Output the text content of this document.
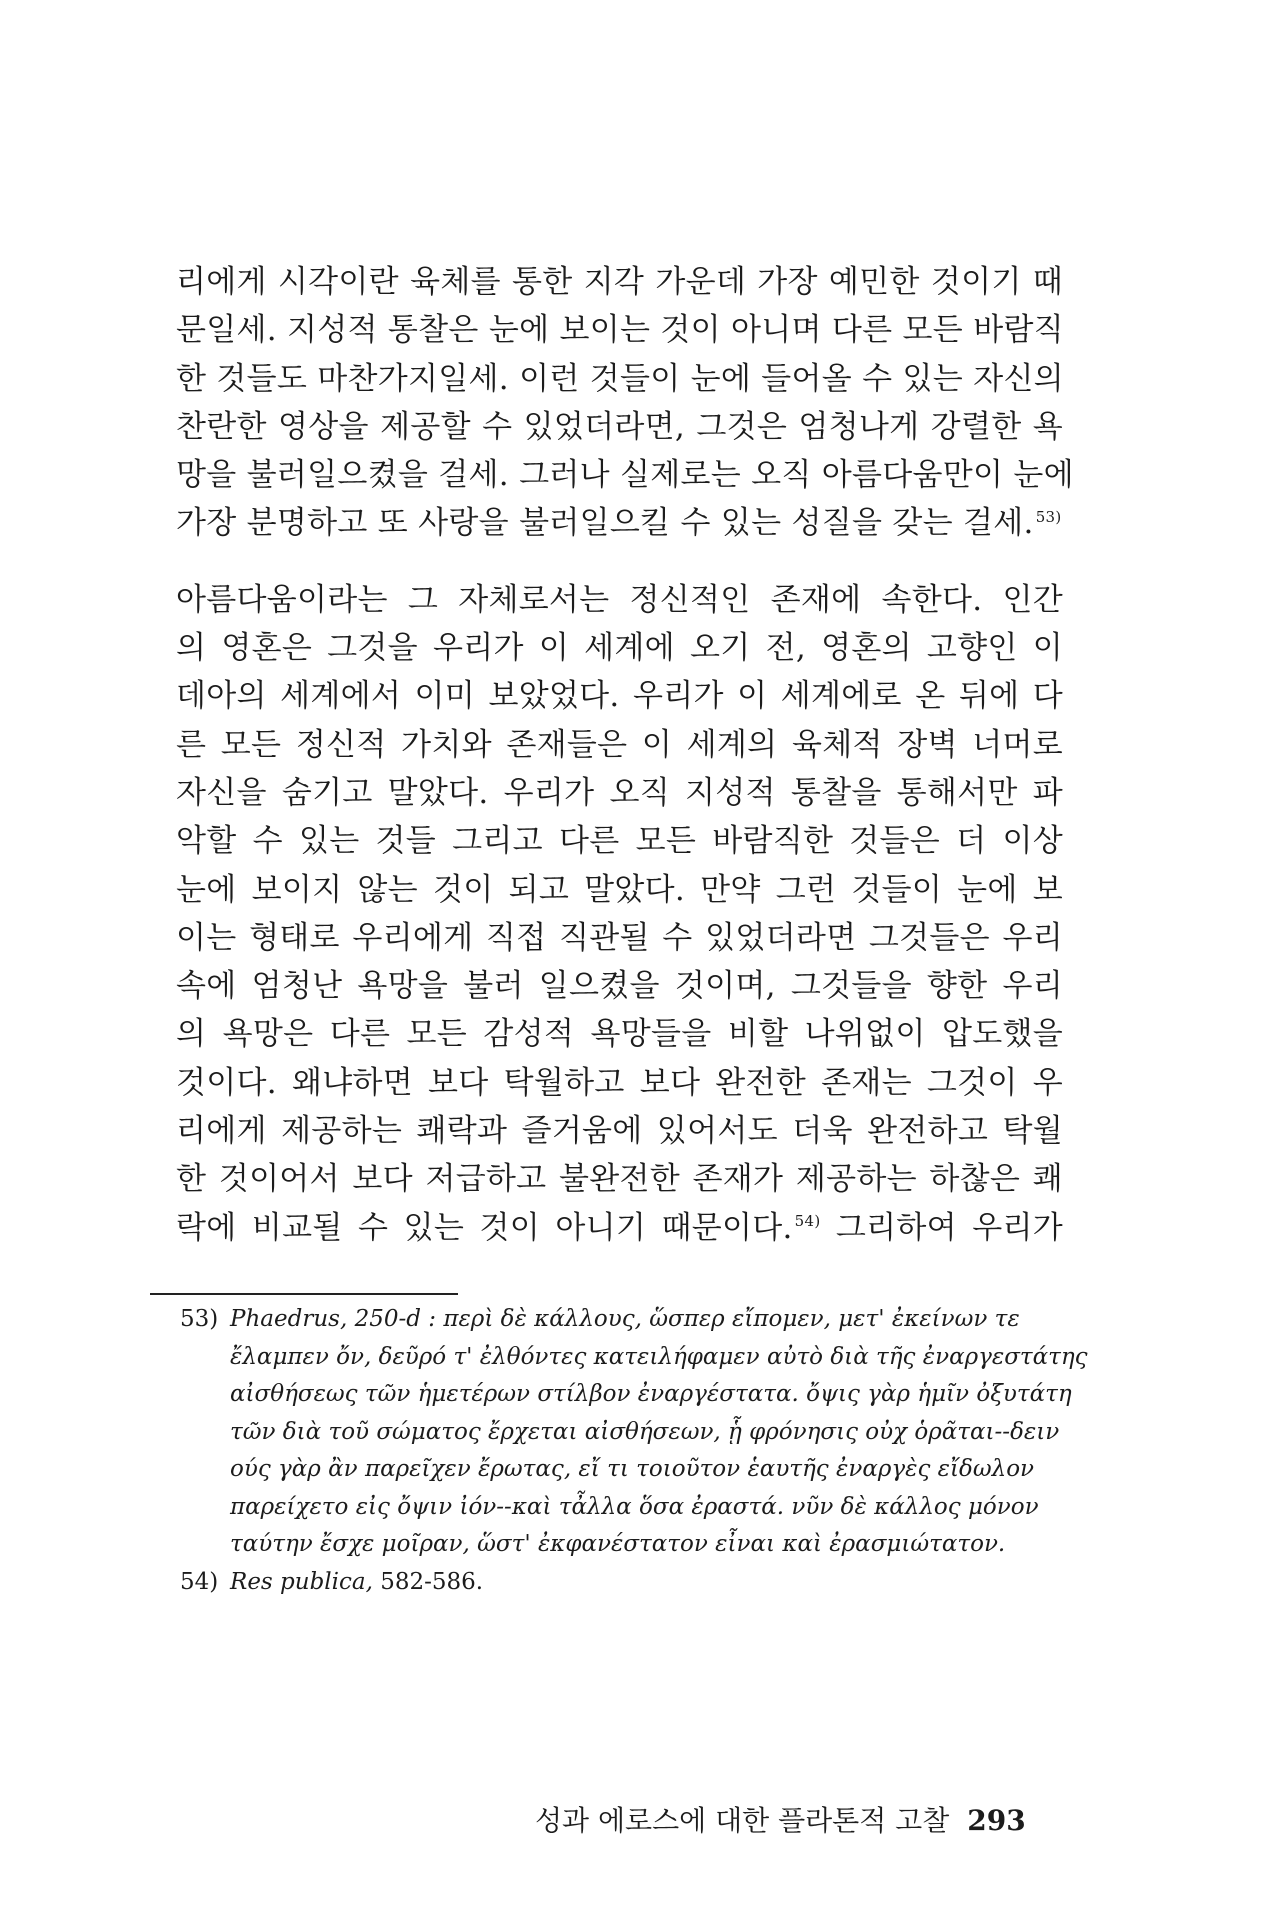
리에게 시각이란 육체를 통한 지각 가운데 가장 예민한 것이기 때
문일세. 지성적 통찰은 눈에 보이는 것이 아니며 다른 모든 바람직
한 것들도 마찬가지일세. 이런 것들이 눈에 들어올 수 있는 자신의
찬란한 영상을 제공할 수 있었더라면, 그것은 엄청나게 강렬한 욕
망을 불러일으켰을 걸세. 그러나 실제로는 오직 아름다움만이 눈에
가장 분명하고 또 사랑을 불러일으킬 수 있는 성질을 갖는 걸세. $^{53)}$
아름다움이라는 그 자체로서는 정신적인 존재에 속한다. 인간
의 영혼은 그것을 우리가 이 세계에 오기 전, 영혼의 고향인 이
데아의 세계에서 이미 보았었다. 우리가 이 세계에로 온 뒤에 다
른 모든 정신적 가치와 존재들은 이 세계의 육체적 장벽 너머로
자신을 숨기고 말았다. 우리가 오직 지성적 통찰을 통해서만 파
악할 수 있는 것들 그리고 다른 모든 바람직한 것들은 더 이상
눈에 보이지 않는 것이 되고 말았다. 만약 그런 것들이 눈에 보
이는 형태로 우리에게 직접 직관될 수 있었더라면 그것들은 우리
속에 엄청난 욕망을 불러 일으켰을 것이며, 그것들을 향한 우리
의 욕망은 다른 모든 감성적 욕망들을 비할 나위없이 압도했을
것이다. 왜냐하면 보다 탁월하고 보다 완전한 존재는 그것이 우
리에게 제공하는 쾌락과 즐거움에 있어서도 더욱 완전하고 탁월
한 것이어서 보다 저급하고 불완전한 존재가 제공하는 하찮은 쾌
락에 비교될 수 있는 것이 아니기 때문이다. $^{54)}$ 그리하여 우리가
53) Phaedrus, 250-d : περὶ δὲ κάλλους, ὥσπερ εἴπομεν, μετ' ἐκείνων τε
ἔλαμπεν ὄν, δεῦρό τ' ἐλθόντες κατειλήφαμεν αὐτὸ διὰ τῆς ἐναργεστάτης
αἰσθήσεως τῶν ἡμετέρων στίλβον ἐναργέστατα. ὄψις γὰρ ἡμῖν ὀξυτάτη
τῶν διὰ τοῦ σώματος ἔρχεται αἰσθήσεων, ᾗ φρόνησις οὐχ ὁρᾶται--δειν
ούς γὰρ ἂν παρεῖχεν ἔρωτας, εἴ τι τοιοῦτον ἑαυτῆς ἐναργὲς εἴδωλον
παρείχετο εἰς ὄψιν ἰόν--καὶ τἆλλα ὅσα ἐραστά. νῦν δὲ κάλλος μόνον
ταύτην ἔσχε μοῖραν, ὥστ' ἐκφανέστατον εἶναι καὶ ἐρασμιώτατον.
54) Res publica, 582-586.
성과 에로스에 대한 플라톤적 고찰 293
